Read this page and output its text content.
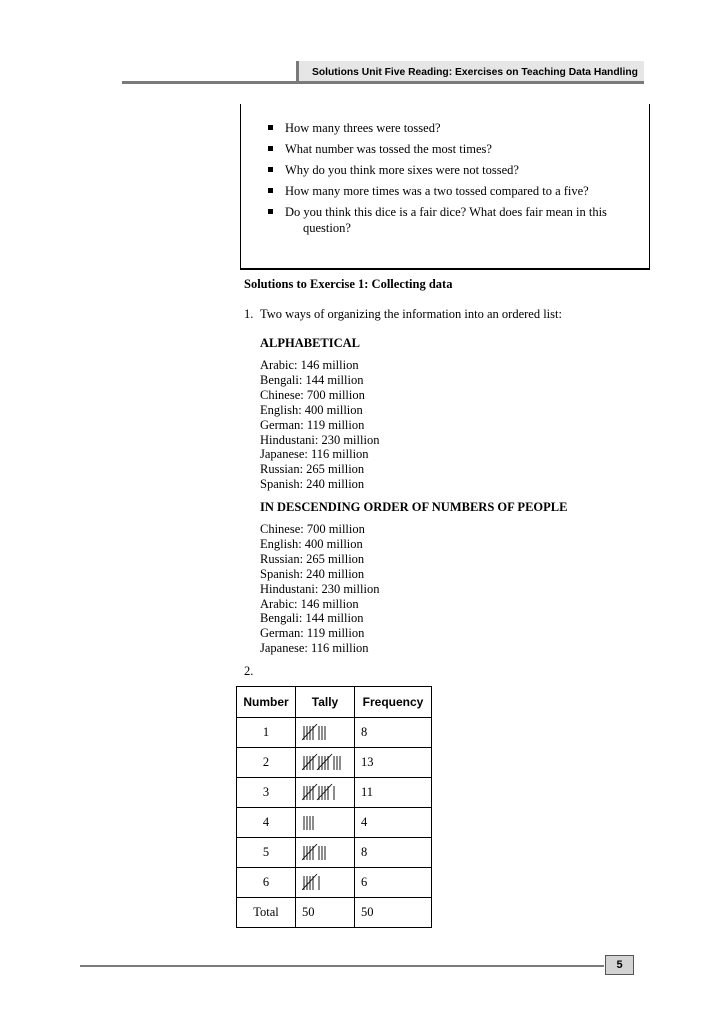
Solutions Unit Five Reading: Exercises on Teaching Data Handling
How many threes were tossed?
What number was tossed the most times?
Why do you think more sixes were not tossed?
How many more times was a two tossed compared to a five?
Do you think this dice is a fair dice? What does fair mean in this
question?
Solutions to Exercise 1: Collecting data
1. Two ways of organizing the information into an ordered list:
ALPHABETICAL
Arabic: 146 million
Bengali: 144 million
Chinese: 700 million
English: 400 million
German: 119 million
Hindustani: 230 million
Japanese: 116 million
Russian: 265 million
Spanish: 240 million
IN DESCENDING ORDER OF NUMBERS OF PEOPLE
Chinese: 700 million
English: 400 million
Russian: 265 million
Spanish: 240 million
Hindustani: 230 million
Arabic: 146 million
Bengali: 144 million
German: 119 million
Japanese: 116 million
2.
Number	Tally	Frequency
1		8
2		13
3		11
4		4
5		8
6		6
Total	50	50
5
